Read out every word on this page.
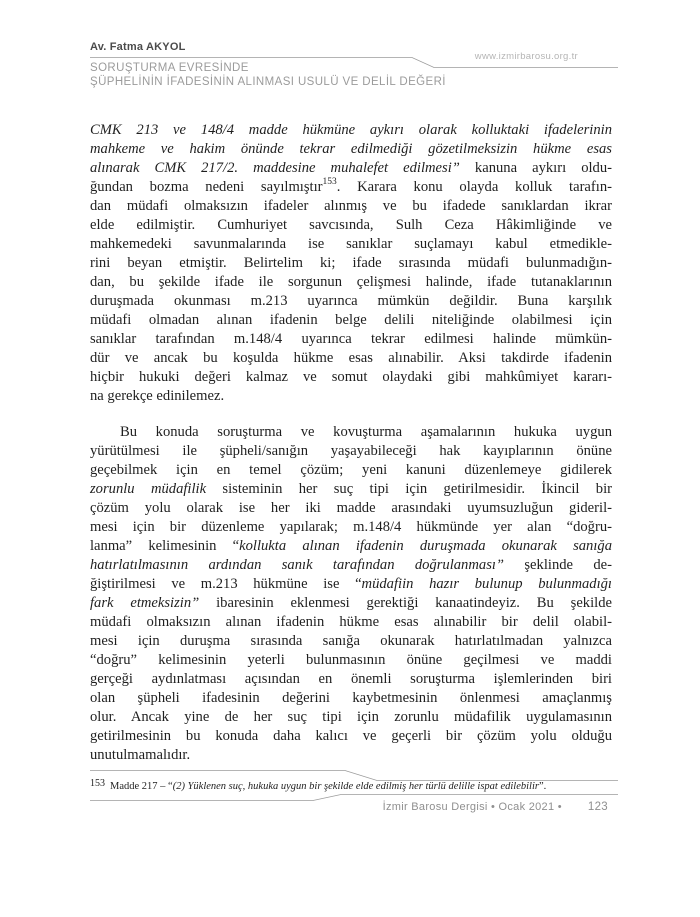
Av. Fatma AKYOL
www.izmirbarosu.org.tr
SORUŞTURMA EVRESİNDE
ŞÜPHELİNİN İFADESİNİN ALINMASI USULÜ VE DELİL DEĞERİ
CMK 213 ve 148/4 madde hükmüne aykırı olarak kolluktaki ifadelerinin
mahkeme ve hakim önünde tekrar edilmediği gözetilmeksizin hükme esas
alınarak CMK 217/2. maddesine muhalefet edilmesi” kanuna aykırı oldu-
ğundan bozma nedeni sayılmıştır$^{153}$. Karara konu olayda kolluk tarafın-
dan müdafi olmaksızın ifadeler alınmış ve bu ifadede sanıklardan ikrar
elde edilmiştir. Cumhuriyet savcısında, Sulh Ceza Hâkimliğinde ve
mahkemedeki savunmalarında ise sanıklar suçlamayı kabul etmedikle-
rini beyan etmiştir. Belirtelim ki; ifade sırasında müdafi bulunmadığın-
dan, bu şekilde ifade ile sorgunun çelişmesi halinde, ifade tutanaklarının
duruşmada okunması m.213 uyarınca mümkün değildir. Buna karşılık
müdafi olmadan alınan ifadenin belge delili niteliğinde olabilmesi için
sanıklar tarafından m.148/4 uyarınca tekrar edilmesi halinde mümkün-
dür ve ancak bu koşulda hükme esas alınabilir. Aksi takdirde ifadenin
hiçbir hukuki değeri kalmaz ve somut olaydaki gibi mahkûmiyet kararı-
na gerekçe edinilemez.
Bu konuda soruşturma ve kovuşturma aşamalarının hukuka uygun
yürütülmesi ile şüpheli/sanığın yaşayabileceği hak kayıplarının önüne
geçebilmek için en temel çözüm; yeni kanuni düzenlemeye gidilerek
zorunlu müdafilik sisteminin her suç tipi için getirilmesidir. İkincil bir
çözüm yolu olarak ise her iki madde arasındaki uyumsuzluğun gideril-
mesi için bir düzenleme yapılarak; m.148/4 hükmünde yer alan “doğru-
lanma” kelimesinin “kollukta alınan ifadenin duruşmada okunarak sanığa
hatırlatılmasının ardından sanık tarafından doğrulanması” şeklinde de-
ğiştirilmesi ve m.213 hükmüne ise “müdafiin hazır bulunup bulunmadığı
fark etmeksizin” ibaresinin eklenmesi gerektiği kanaatindeyiz. Bu şekilde
müdafi olmaksızın alınan ifadenin hükme esas alınabilir bir delil olabil-
mesi için duruşma sırasında sanığa okunarak hatırlatılmadan yalnızca
“doğru” kelimesinin yeterli bulunmasının önüne geçilmesi ve maddi
gerçeği aydınlatması açısından en önemli soruşturma işlemlerinden biri
olan şüpheli ifadesinin değerini kaybetmesinin önlenmesi amaçlanmış
olur. Ancak yine de her suç tipi için zorunlu müdafilik uygulamasının
getirilmesinin bu konuda daha kalıcı ve geçerli bir çözüm yolu olduğu
unutulmamalıdır.
153 Madde 217 – “(2) Yüklenen suç, hukuka uygun bir şekilde elde edilmiş her türlü delille ispat edilebilir”.
İzmir Barosu Dergisi • Ocak 2021 • 123
